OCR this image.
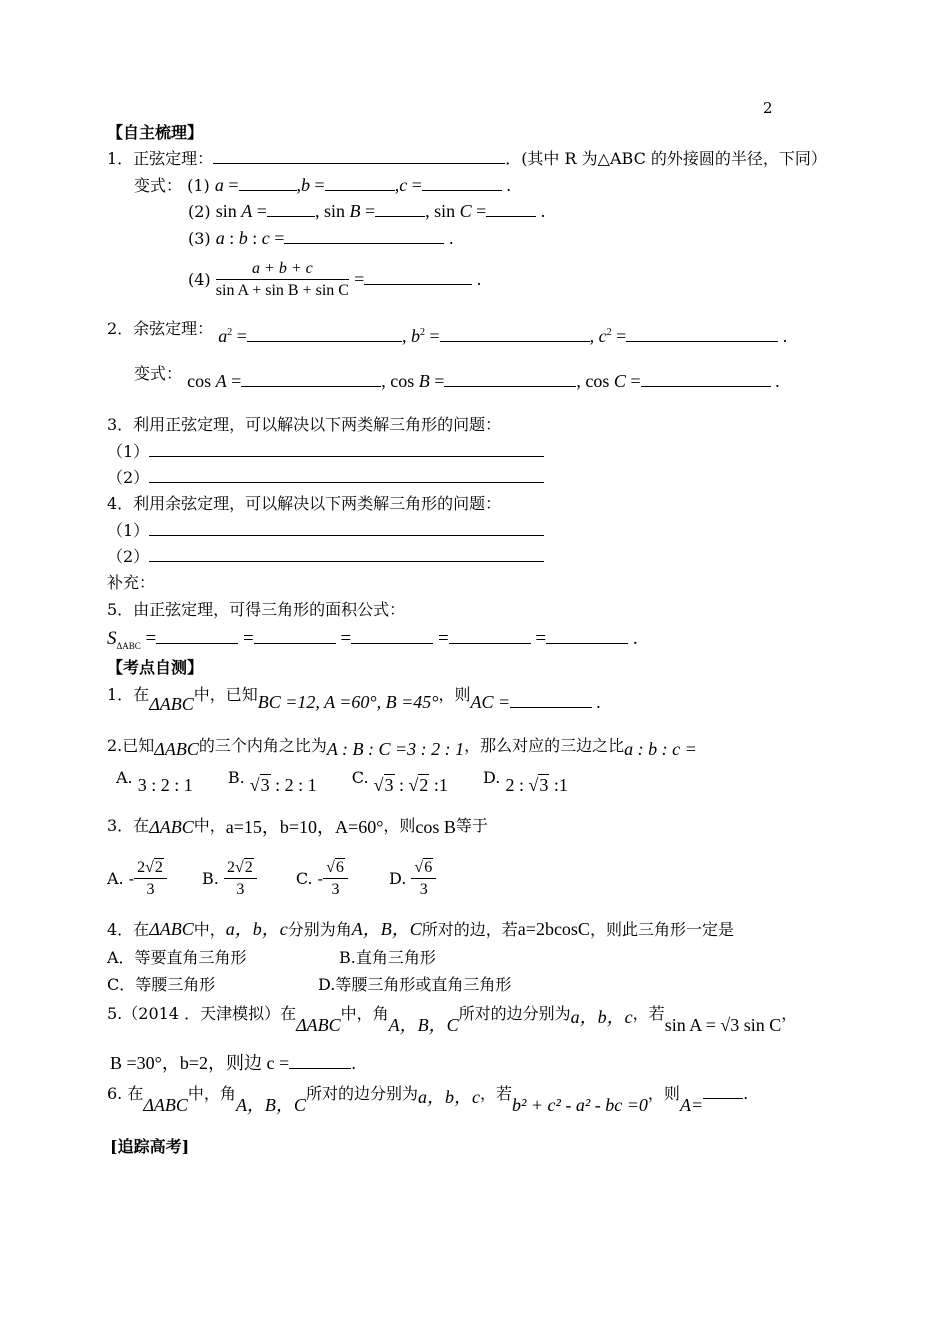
2
【自主梳理】
1．正弦定理：	．(其中 R 为△ABC 的外接圆的半径，下同）
变式： (1) a =	,b =	,c =	.
(2) sin A =	, sin B =	, sin C =	.
(3) a : b : c =	.
$(4) \frac{a + b + c}{\text{sin A + sin B + sin C}}$ =	.
2．余弦定理： $a^2$ =	, $b^2$ =	, $c^2$ =	.
变式： cos A =	, cos B =	, cos C =	.
3．利用正弦定理，可以解决以下两类解三角形的问题：
（1）
（2）
4．利用余弦定理，可以解决以下两类解三角形的问题：
（1）
（2）
补充：
5．由正弦定理，可得三角形的面积公式：
$S_{\Delta ABC}$ =	=	=	=	=	.
【考点自测】
1．在ΔABC中，已知BC =12, A =60°, B =45°，则AC =	.
2.已知ΔABC的三个内角之比为A : B : C =3 : 2 : 1，那么对应的三边之比a : b : c =
A. 3 : 2 : 1 B. √3 : 2 : 1 C. √3 : √2 :1 D. 2 : √3 :1
3．在ΔABC中，a=15，b=10，A=60°，则cos B等于
A. - $\frac{2√2}{3} B$. $\frac{2√2}{3} C$. - $\frac{√6}{3}$	D. $\frac{√6}{3}$
4．在ΔABC中，a，b，c分别为角A，B，C所对的边，若a=2bcosC，则此三角形一定是
A．等要直角三角形	B.直角三角形
C．等腰三角形	D.等腰三角形或直角三角形
5.（2014 ．天津模拟）在ΔABC中，角A，B，C所对的边分别为a，b，c，若sin A = √3 sin C，
B =30°，b=2，则边 c =	.
6. 在ΔABC中，角A，B，C所对的边分别为a，b，c，若b² + c² - a² - bc =0，则A=.
[追踪高考]
